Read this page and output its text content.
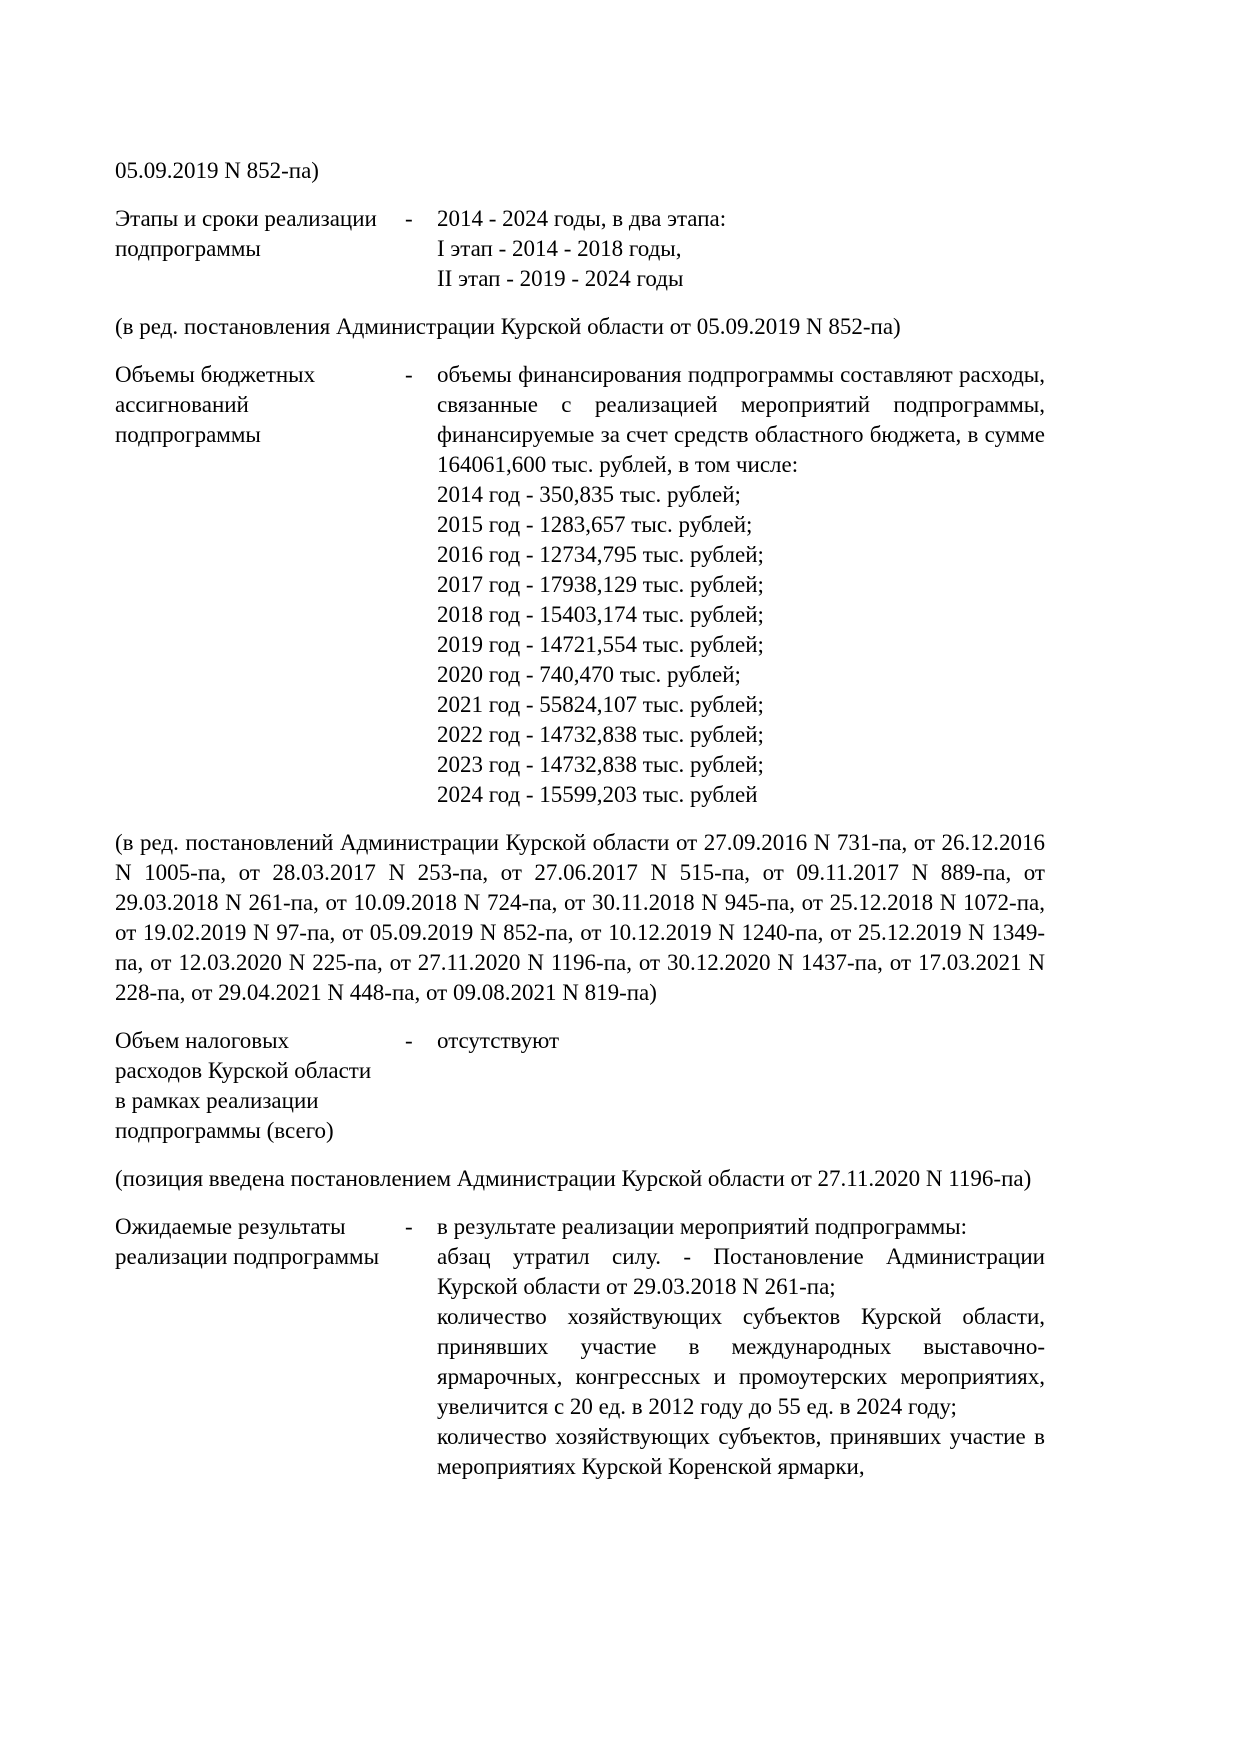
05.09.2019 N 852-па)
Этапы и сроки реализации
подпрограммы
-	2014 - 2024 годы, в два этапа:
I этап - 2014 - 2018 годы,
II этап - 2019 - 2024 годы
(в ред. постановления Администрации Курской области от 05.09.2019 N 852-па)
Объемы бюджетных
ассигнований
подпрограммы
-	объемы финансирования подпрограммы составляют расходы, связанные с реализацией мероприятий подпрограммы, финансируемые за счет средств областного бюджета, в сумме 164061,600 тыс. рублей, в том числе:
2014 год - 350,835 тыс. рублей;
2015 год - 1283,657 тыс. рублей;
2016 год - 12734,795 тыс. рублей;
2017 год - 17938,129 тыс. рублей;
2018 год - 15403,174 тыс. рублей;
2019 год - 14721,554 тыс. рублей;
2020 год - 740,470 тыс. рублей;
2021 год - 55824,107 тыс. рублей;
2022 год - 14732,838 тыс. рублей;
2023 год - 14732,838 тыс. рублей;
2024 год - 15599,203 тыс. рублей
(в ред. постановлений Администрации Курской области от 27.09.2016 N 731-па, от 26.12.2016 N 1005-па, от 28.03.2017 N 253-па, от 27.06.2017 N 515-па, от 09.11.2017 N 889-па, от 29.03.2018 N 261-па, от 10.09.2018 N 724-па, от 30.11.2018 N 945-па, от 25.12.2018 N 1072-па, от 19.02.2019 N 97-па, от 05.09.2019 N 852-па, от 10.12.2019 N 1240-па, от 25.12.2019 N 1349-па, от 12.03.2020 N 225-па, от 27.11.2020 N 1196-па, от 30.12.2020 N 1437-па, от 17.03.2021 N 228-па, от 29.04.2021 N 448-па, от 09.08.2021 N 819-па)
Объем налоговых
расходов Курской области
в рамках реализации
подпрограммы (всего)
-	отсутствуют
(позиция введена постановлением Администрации Курской области от 27.11.2020 N 1196-па)
Ожидаемые результаты
реализации подпрограммы
-	в результате реализации мероприятий подпрограммы:
абзац утратил силу. - Постановление Администрации Курской области от 29.03.2018 N 261-па;
количество хозяйствующих субъектов Курской области, принявших участие в международных выставочно-ярмарочных, конгрессных и промоутерских мероприятиях, увеличится с 20 ед. в 2012 году до 55 ед. в 2024 году;
количество хозяйствующих субъектов, принявших участие в мероприятиях Курской Коренской ярмарки,
